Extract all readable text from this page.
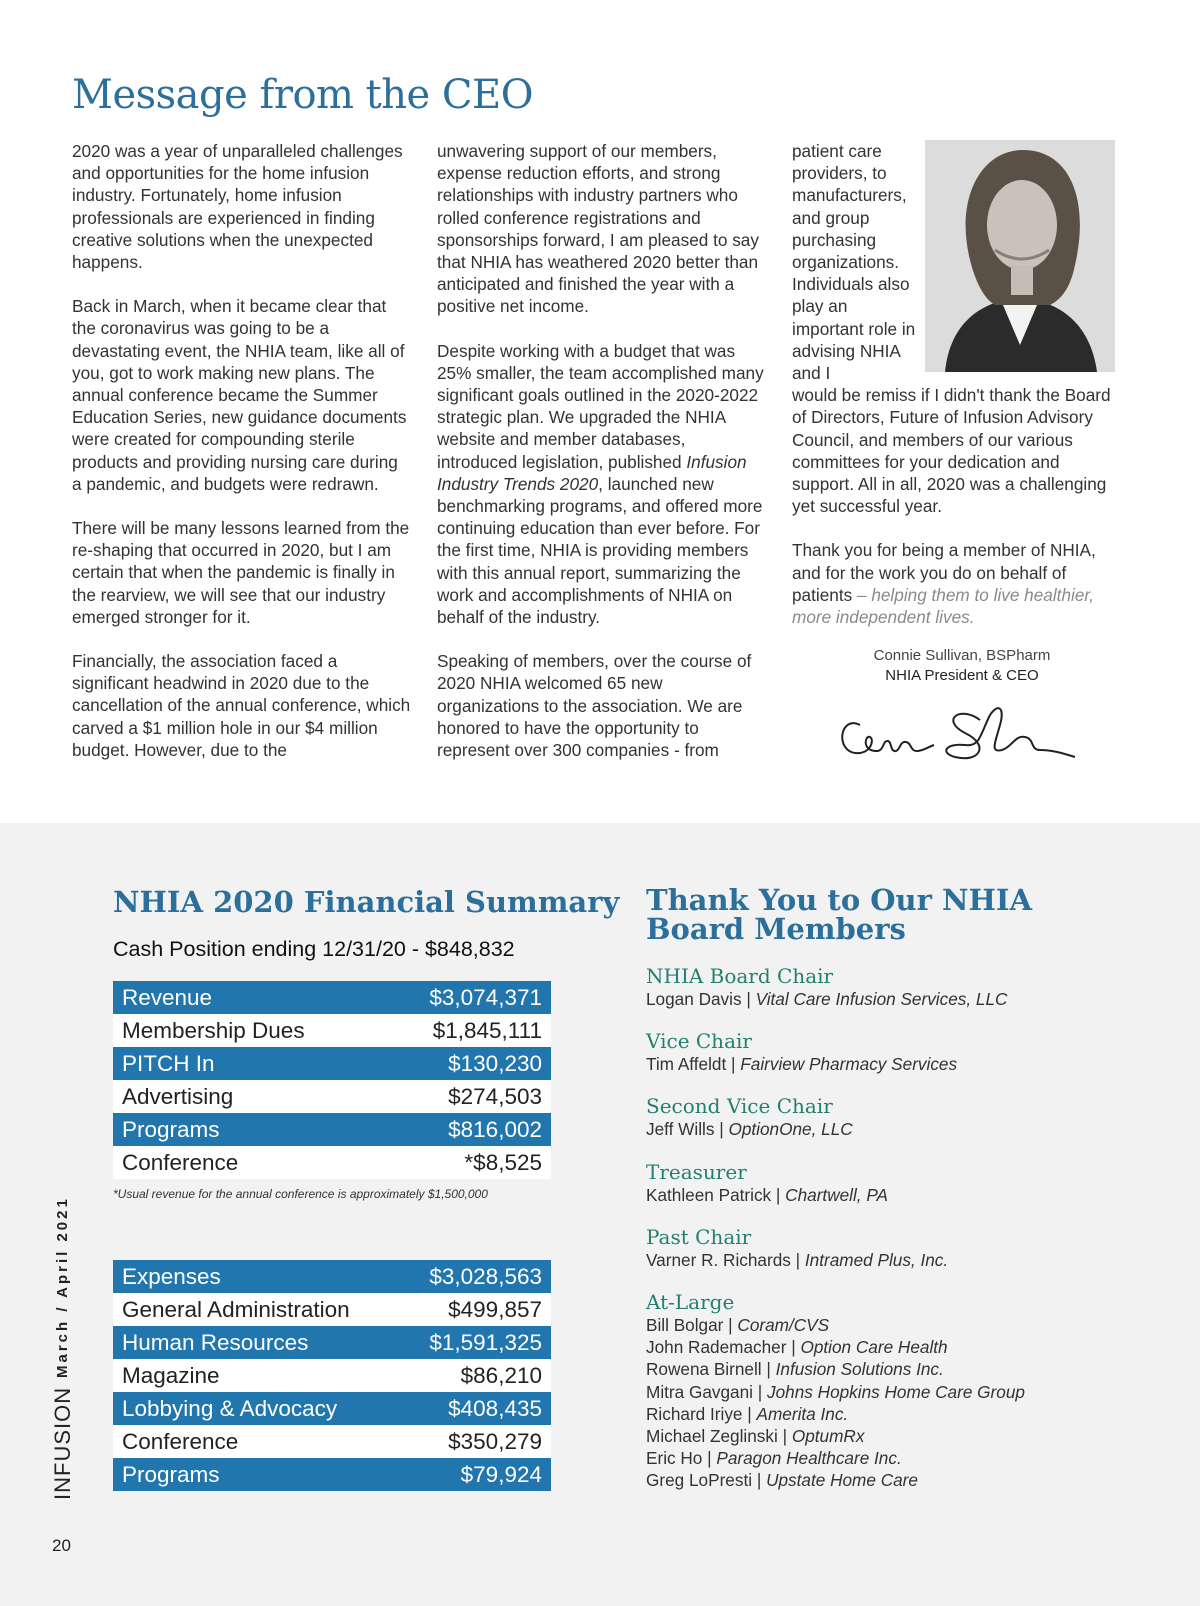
Message from the CEO

2020 was a year of unparalleled challenges and opportunities for the home infusion industry. Fortunately, home infusion professionals are experienced in finding creative solutions when the unexpected happens.

Back in March, when it became clear that the coronavirus was going to be a devastating event, the NHIA team, like all of you, got to work making new plans. The annual conference became the Summer Education Series, new guidance documents were created for compounding sterile products and providing nursing care during a pandemic, and budgets were redrawn.

There will be many lessons learned from the re-shaping that occurred in 2020, but I am certain that when the pandemic is finally in the rearview, we will see that our industry emerged stronger for it.

Financially, the association faced a significant headwind in 2020 due to the cancellation of the annual conference, which carved a $1 million hole in our $4 million budget. However, due to the

unwavering support of our members, expense reduction efforts, and strong relationships with industry partners who rolled conference registrations and sponsorships forward, I am pleased to say that NHIA has weathered 2020 better than anticipated and finished the year with a positive net income.

Despite working with a budget that was 25% smaller, the team accomplished many significant goals outlined in the 2020-2022 strategic plan. We upgraded the NHIA website and member databases, introduced legislation, published Infusion Industry Trends 2020, launched new benchmarking programs, and offered more continuing education than ever before. For the first time, NHIA is providing members with this annual report, summarizing the work and accomplishments of NHIA on behalf of the industry.

Speaking of members, over the course of 2020 NHIA welcomed 65 new organizations to the association. We are honored to have the opportunity to represent over 300 companies - from

patient care providers, to manufacturers, and group purchasing organizations. Individuals also play an important role in advising NHIA and I

would be remiss if I didn't thank the Board of Directors, Future of Infusion Advisory Council, and members of our various committees for your dedication and support. All in all, 2020 was a challenging yet successful year.

Thank you for being a member of NHIA, and for the work you do on behalf of patients – helping them to live healthier, more independent lives.

Connie Sullivan, BSPharm
NHIA President & CEO
NHIA 2020 Financial Summary
Cash Position ending 12/31/20 - $848,832
Revenue	$3,074,371
Membership Dues	$1,845,111
PITCH In	$130,230
Advertising	$274,503
Programs	$816,002
Conference	*$8,525
*Usual revenue for the annual conference is approximately $1,500,000
Expenses	$3,028,563
General Administration	$499,857
Human Resources	$1,591,325
Magazine	$86,210
Lobbying & Advocacy	$408,435
Conference	$350,279
Programs	$79,924
Thank You to Our NHIA
Board Members
NHIA Board Chair
Logan Davis | Vital Care Infusion Services, LLC
Vice Chair
Tim Affeldt | Fairview Pharmacy Services
Second Vice Chair
Jeff Wills | OptionOne, LLC
Treasurer
Kathleen Patrick | Chartwell, PA
Past Chair
Varner R. Richards | Intramed Plus, Inc.
At-Large
Bill Bolgar | Coram/CVS
John Rademacher | Option Care Health
Rowena Birnell | Infusion Solutions Inc.
Mitra Gavgani | Johns Hopkins Home Care Group
Richard Iriye | Amerita Inc.
Michael Zeglinski | OptumRx
Eric Ho | Paragon Healthcare Inc.
Greg LoPresti | Upstate Home Care
March / April 2021
INFUSION
20
